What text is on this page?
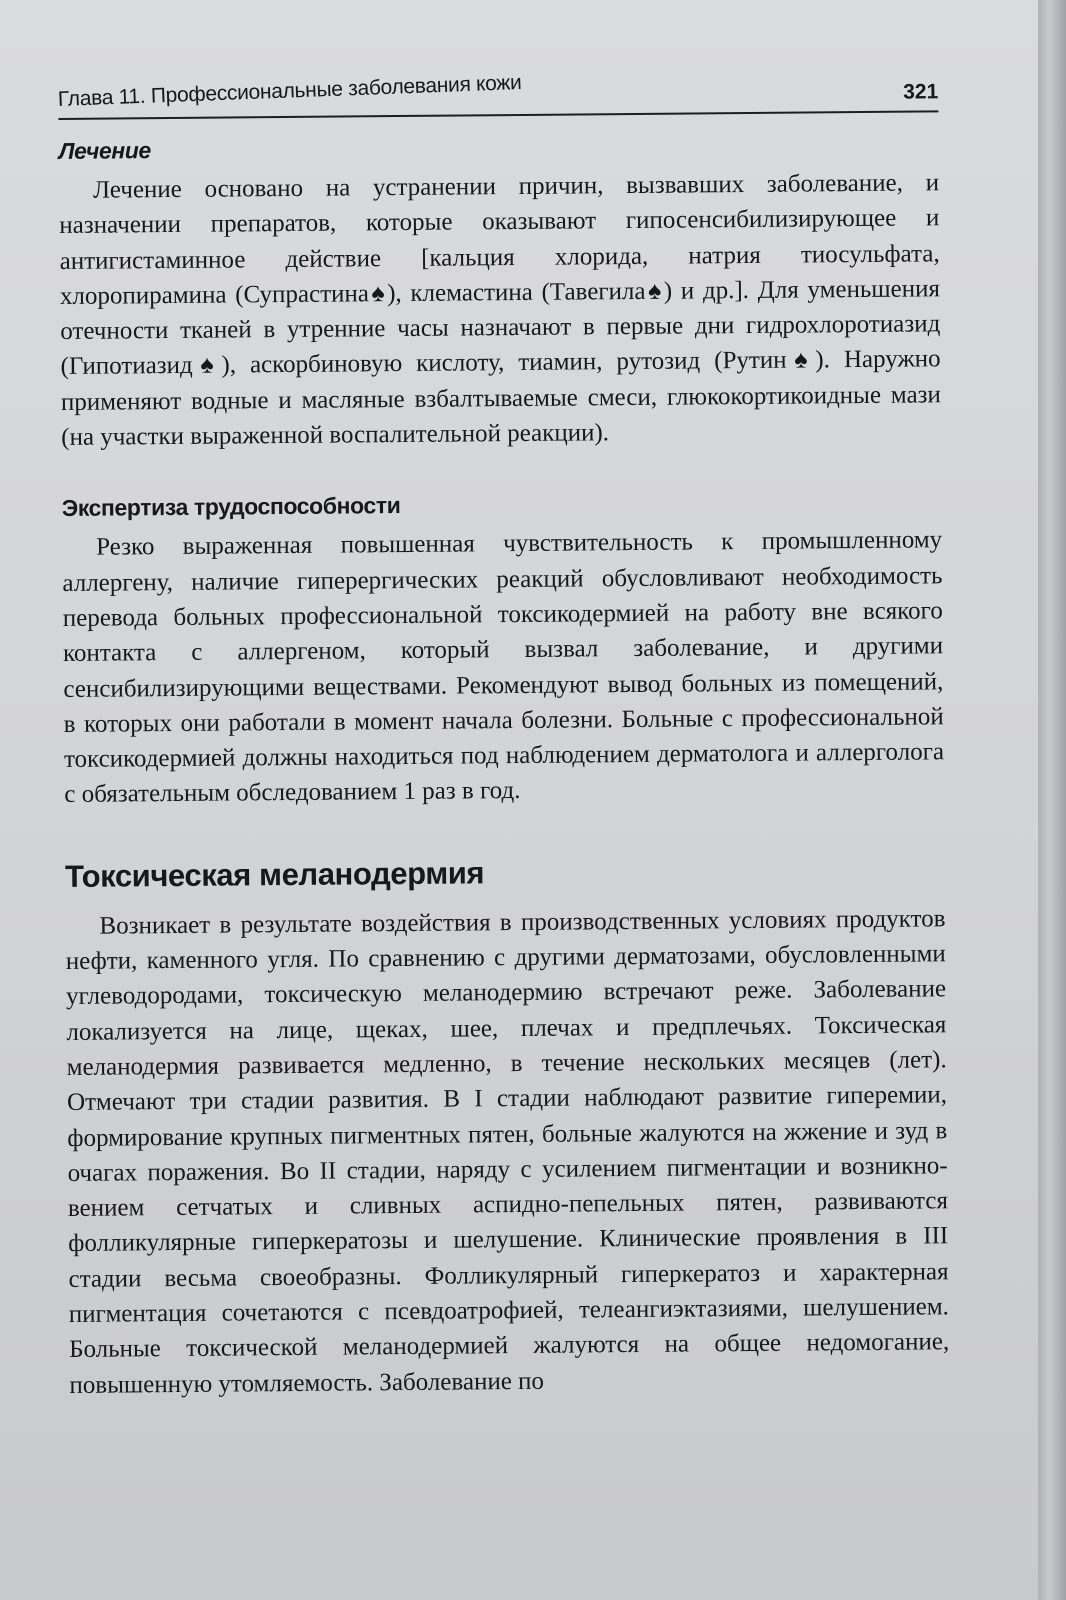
Глава 11. Профессиональные заболевания кожи	321
Лечение

Лечение основано на устранении причин, вызвавших заболевание, и назначении препаратов, которые оказывают гипосенсибилизирующее и антигистаминное действие [кальция хлорида, натрия тиосульфата, хлоропирамина (Супрастина♠), клемастина (Тавегила♠) и др.]. Для уменьшения отечности тканей в утренние часы назначают в первые дни гидрохлоротиазид (Гипотиазид♠), аскорбиновую кислоту, тиамин, рутозид (Рутин♠). Наружно применяют водные и масляные взбалтываемые смеси, глюкокортикоидные мази (на участки выраженной воспалительной реакции).

Экспертиза трудоспособности

Резко выраженная повышенная чувствительность к промышленному аллергену, наличие гиперергических реакций обусловливают необходимость перевода больных профессиональной токсикодермией на работу вне всякого контакта с аллергеном, который вызвал заболевание, и другими сенсибилизирующими веществами. Рекомендуют вывод больных из помещений, в которых они работали в момент начала болезни. Больные с профессиональной токсикодермией должны находиться под наблюдением дерматолога и аллерголога с обязательным обследованием 1 раз в год.

Токсическая меланодермия

Возникает в результате воздействия в производственных условиях продуктов нефти, каменного угля. По сравнению с другими дерматозами, обусловленными углеводородами, токсическую меланодермию встречают реже. Заболевание локализуется на лице, щеках, шее, плечах и предплечьях. Токсическая меланодермия развивается медленно, в течение нескольких месяцев (лет). Отмечают три стадии развития. В I стадии наблюдают развитие гиперемии, формирование крупных пигментных пятен, больные жалуются на жжение и зуд в очагах поражения. Во II стадии, наряду с усилением пигментации и возникновением сетчатых и сливных аспидно-пепельных пятен, развиваются фолликулярные гиперкератозы и шелушение. Клинические проявления в III стадии весьма своеобразны. Фолликулярный гиперкератоз и характерная пигментация сочетаются с псевдоатрофией, телеангиэктазиями, шелушением. Больные токсической меланодермией жалуются на общее недомогание, повышенную утомляемость. Заболевание по
